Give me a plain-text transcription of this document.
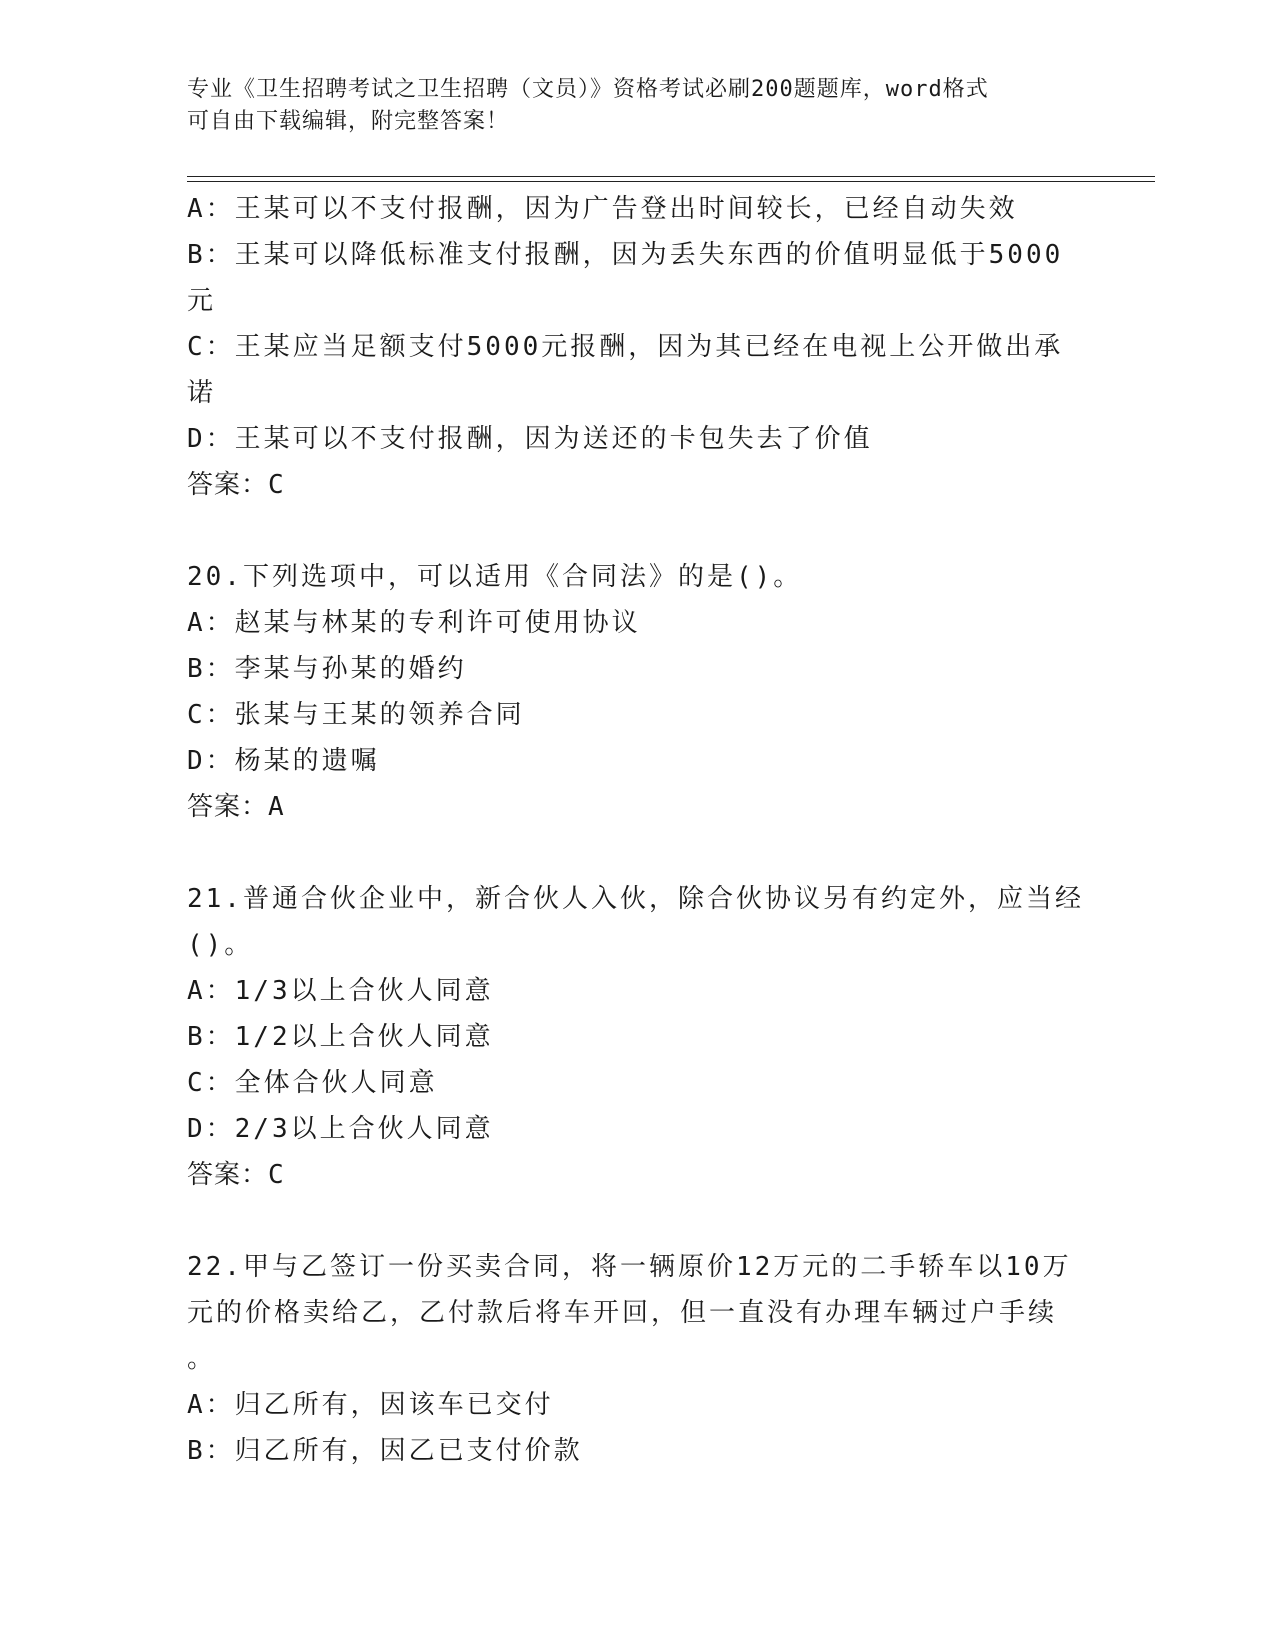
专业《卫生招聘考试之卫生招聘（文员）》资格考试必刷200题题库，word格式
可自由下载编辑，附完整答案！
A：王某可以不支付报酬，因为广告登出时间较长，已经自动失效
B：王某可以降低标准支付报酬，因为丢失东西的价值明显低于5000
元
C：王某应当足额支付5000元报酬，因为其已经在电视上公开做出承
诺
D：王某可以不支付报酬，因为送还的卡包失去了价值
答案：C
20.下列选项中，可以适用《合同法》的是()。
A：赵某与林某的专利许可使用协议
B：李某与孙某的婚约
C：张某与王某的领养合同
D：杨某的遗嘱
答案：A
21.普通合伙企业中，新合伙人入伙，除合伙协议另有约定外，应当经
()。
A：1/3以上合伙人同意
B：1/2以上合伙人同意
C：全体合伙人同意
D：2/3以上合伙人同意
答案：C
22.甲与乙签订一份买卖合同，将一辆原价12万元的二手轿车以10万
元的价格卖给乙，乙付款后将车开回，但一直没有办理车辆过户手续
。
A：归乙所有，因该车已交付
B：归乙所有，因乙已支付价款
